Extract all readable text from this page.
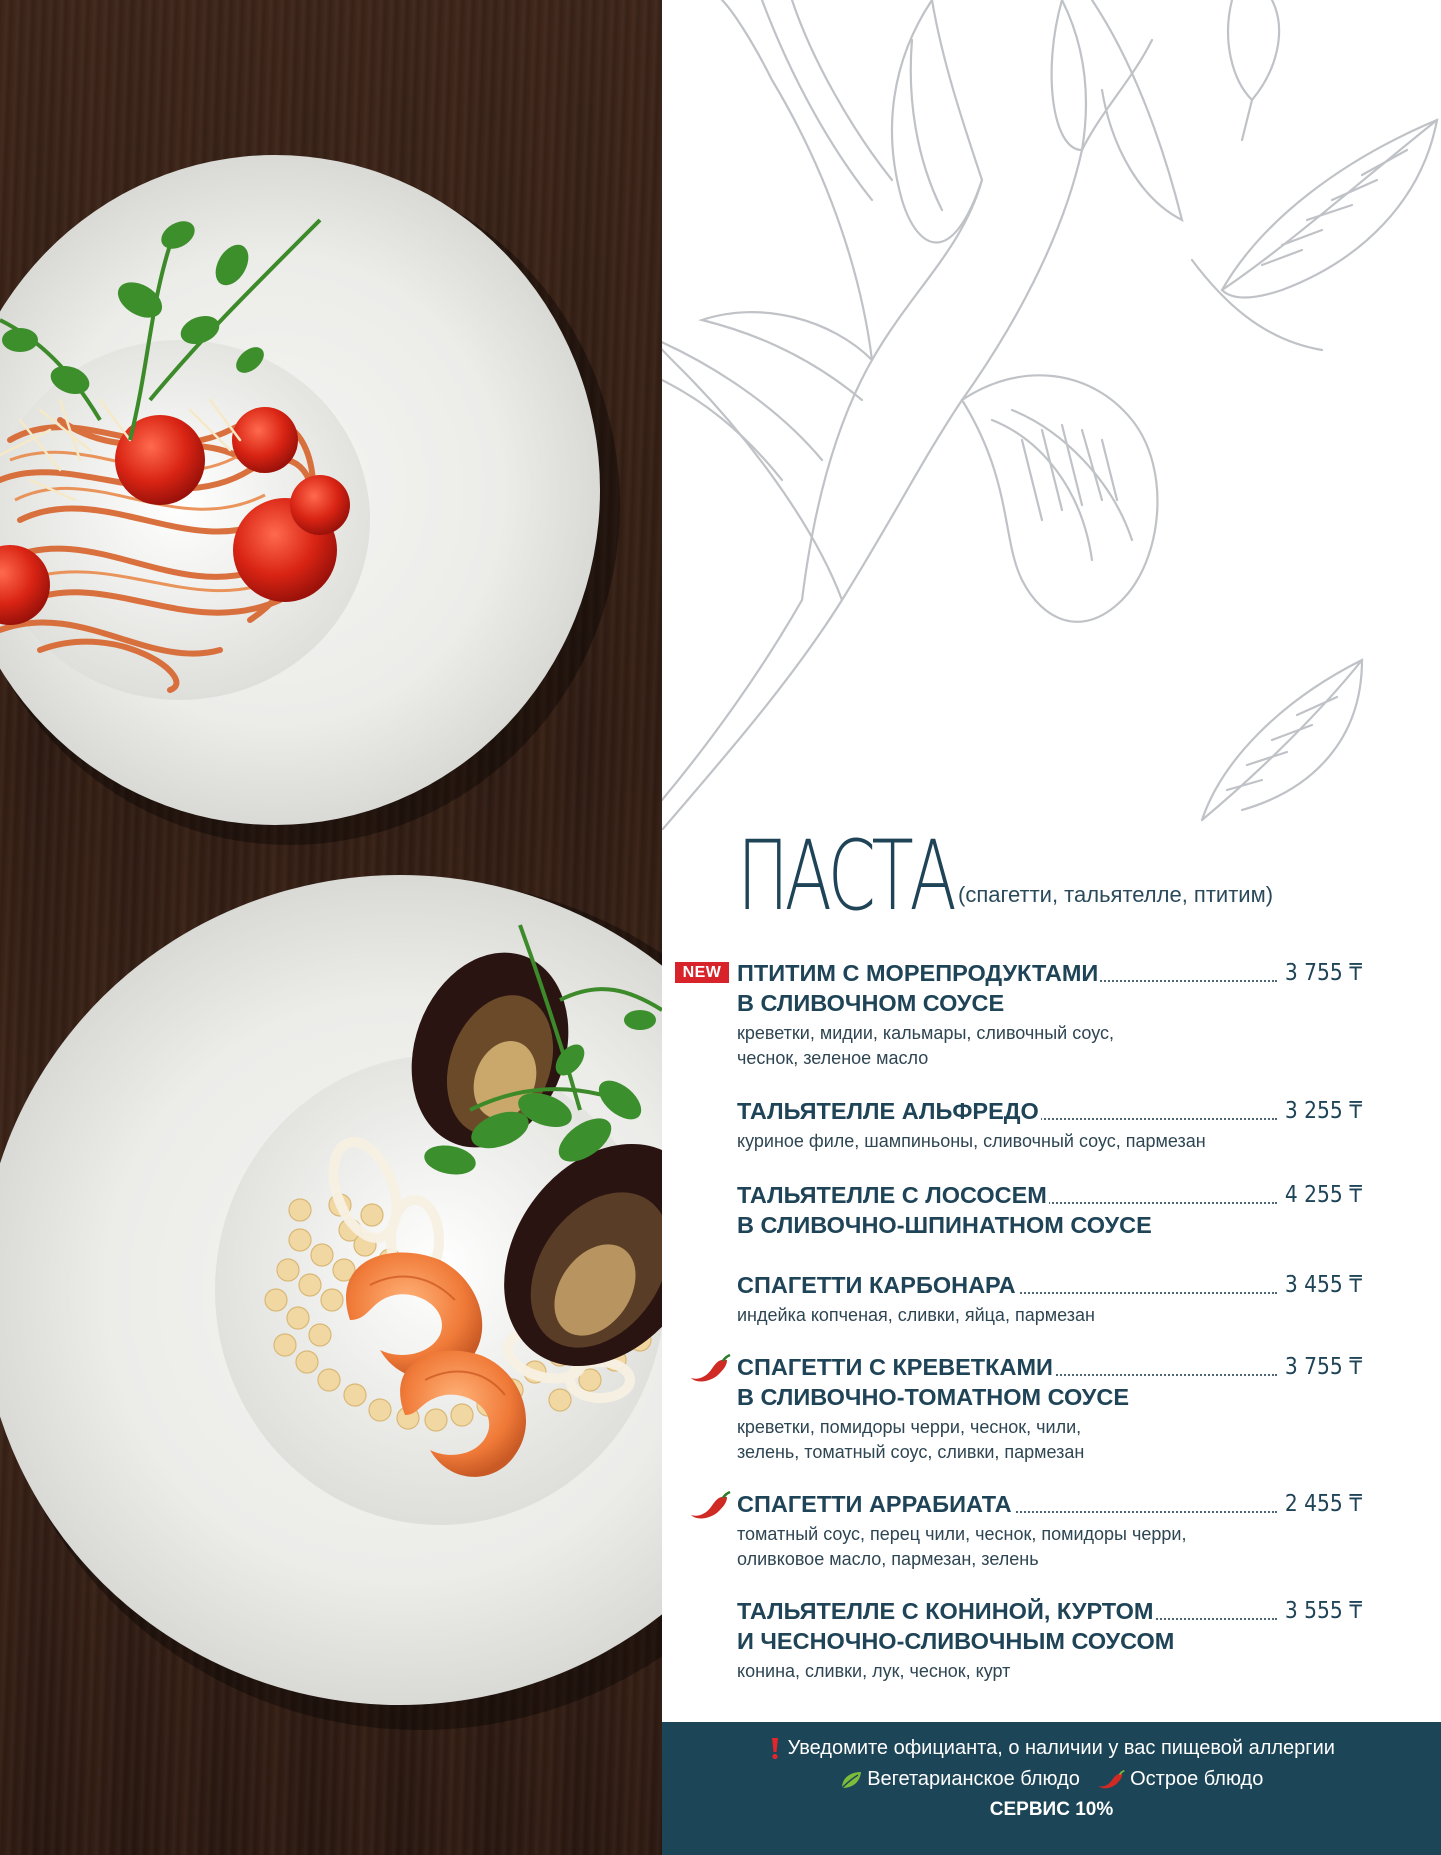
ПАСТА (спагетти, тальятелле, птитим)
NEW ПТИТИМ С МОРЕПРОДУКТАМИ	3 755 ₸
В СЛИВОЧНОМ СОУСЕ
креветки, мидии, кальмары, сливочный соус,
чеснок, зеленое масло
ТАЛЬЯТЕЛЛЕ АЛЬФРЕДО	3 255 ₸
куриное филе, шампиньоны, сливочный соус, пармезан
ТАЛЬЯТЕЛЛЕ С ЛОСОСЕМ	4 255 ₸
В СЛИВОЧНО-ШПИНАТНОМ СОУСЕ
СПАГЕТТИ КАРБОНАРА	3 455 ₸
индейка копченая, сливки, яйца, пармезан
СПАГЕТТИ С КРЕВЕТКАМИ	3 755 ₸
В СЛИВОЧНО-ТОМАТНОМ СОУСЕ
креветки, помидоры черри, чеснок, чили,
зелень, томатный соус, сливки, пармезан
СПАГЕТТИ АРРАБИАТА	2 455 ₸
томатный соус, перец чили, чеснок, помидоры черри,
оливковое масло, пармезан, зелень
ТАЛЬЯТЕЛЛЕ С КОНИНОЙ, КУРТОМ	3 555 ₸
И ЧЕСНОЧНО-СЛИВОЧНЫМ СОУСОМ
конина, сливки, лук, чеснок, курт
Уведомите официанта, о наличии у вас пищевой аллергии
Вегетарианское блюдо	Острое блюдо
СЕРВИС 10%
